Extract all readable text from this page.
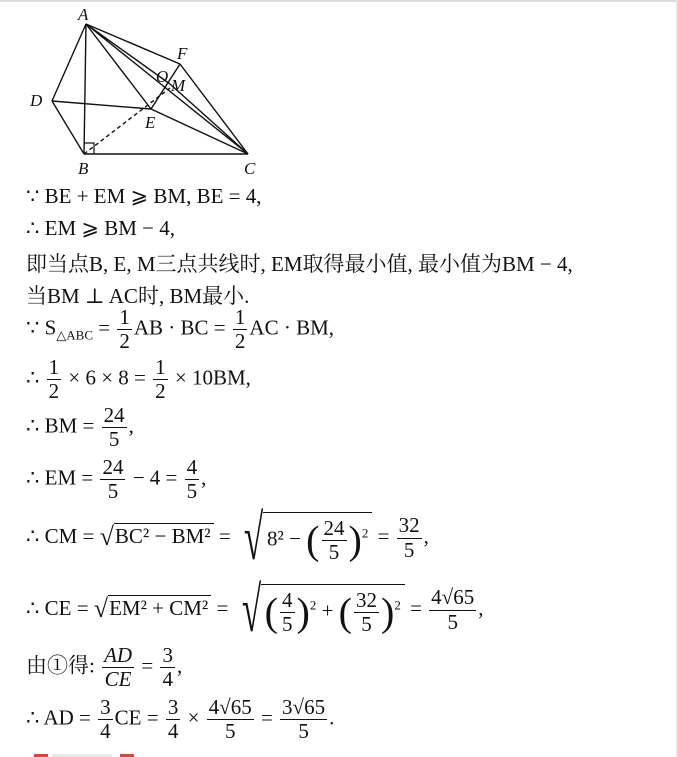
A
B	C
D
E
F
O M
∵ BE + EM ⩾ BM, BE = 4,
∴ EM ⩾ BM − 4,
即当点B, E, M三点共线时, EM取得最小值, 最小值为BM − 4,
当BM ⊥ AC时, BM最小.
∵ $S_{\triangle ABC} = \frac{1}{2}$ AB · BC = $\frac{1}{2}$ AC · BM,
∴ $\frac{1}{2} \times 6 \times 8 = \frac{1}{2} \times 10BM$,
∴ BM = $\frac{24}{5}$ ,
∴ EM = $\frac{24}{5} - 4 = \frac{4}{5}$ ,
∴ CM = √BC² − BM² = √ 8² − ( $\frac{24}{5} )^2 = \frac{32}{5}$ ,
∴ CE = √EM² + CM² = √( $\frac{4}{5} )^2$ + ( $\frac{32}{5} )^2 = \frac{4√65}{5}$ ,
由①得: $\frac{AD}{CE} = \frac{3}{4}$ ,
∴ AD = $\frac{3}{4}$ CE = $\frac{3}{4} \times \frac{4√65}{5} = \frac{3√65}{5}$ .
